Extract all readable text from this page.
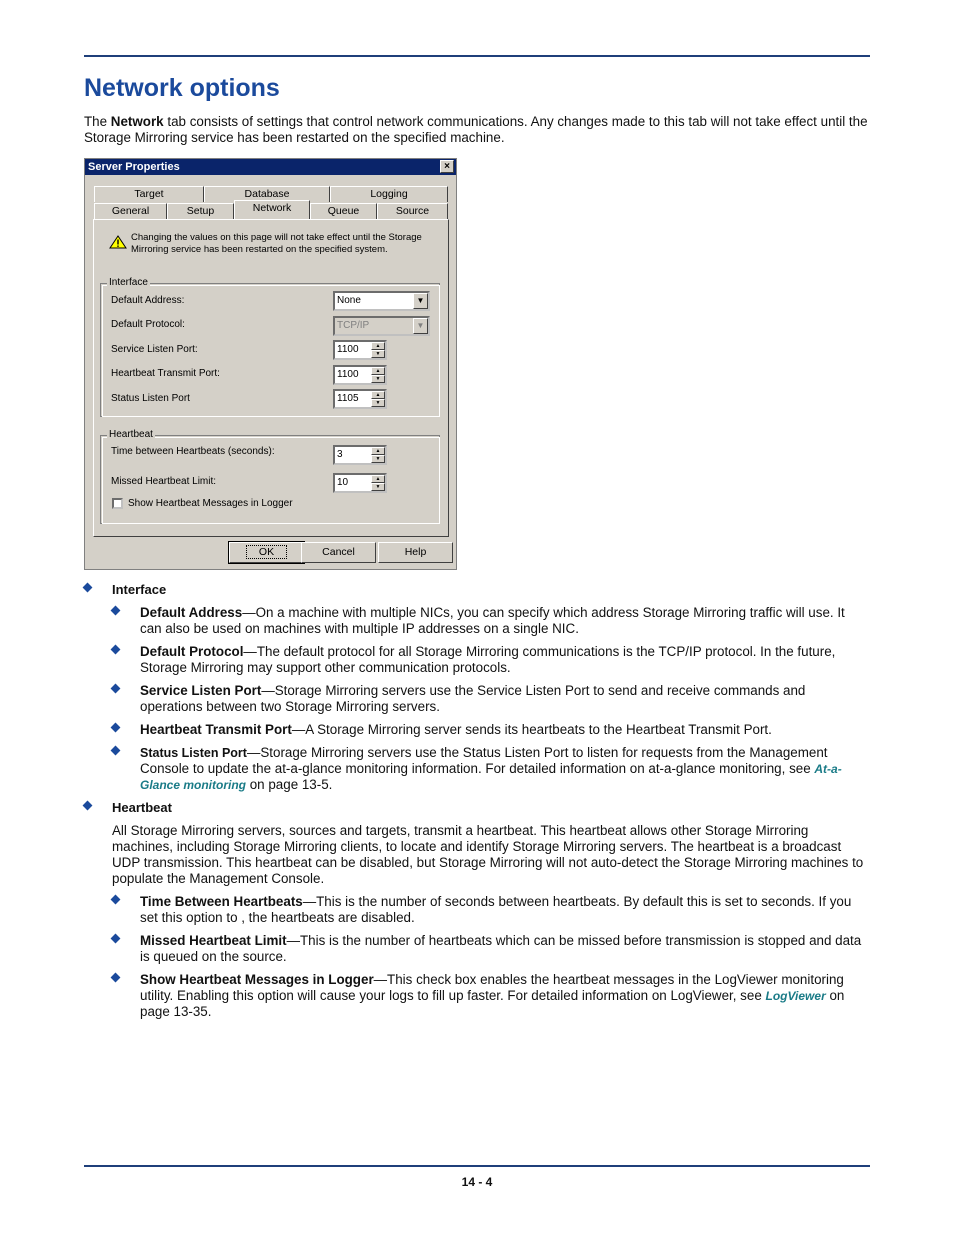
Network options

The Network tab consists of settings that control network communications. Any changes made to this tab will not take effect until the Storage Mirroring service has been restarted on the specified machine.

Server Properties	×
Target	Database	Logging
General	Setup	Network	Queue	Source
Changing the values on this page will not take effect until the Storage Mirroring service has been restarted on the specified system.
Interface
Default Address:	None	▼
Default Protocol:	TCP/IP	▼
Service Listen Port:	1100	▲
▼
Heartbeat Transmit Port:	1100	▲
▼
Status Listen Port	1105	▲
▼
Heartbeat
Time between Heartbeats (seconds):	3	▲
▼
Missed Heartbeat Limit:	10	▲
▼
Show Heartbeat Messages in Logger
OK	Cancel	Help
Interface
Default Address—On a machine with multiple NICs, you can specify which address Storage Mirroring traffic will use. It can also be used on machines with multiple IP addresses on a single NIC.
Default Protocol—The default protocol for all Storage Mirroring communications is the TCP/IP protocol. In the future, Storage Mirroring may support other communication protocols.
Service Listen Port—Storage Mirroring servers use the Service Listen Port to send and receive commands and operations between two Storage Mirroring servers.
Heartbeat Transmit Port—A Storage Mirroring server sends its heartbeats to the Heartbeat Transmit Port.
Status Listen Port—Storage Mirroring servers use the Status Listen Port to listen for requests from the Management Console to update the at-a-glance monitoring information. For detailed information on at-a-glance monitoring, see At-a-Glance monitoring on page 13-5.
Heartbeat

All Storage Mirroring servers, sources and targets, transmit a heartbeat. This heartbeat allows other Storage Mirroring machines, including Storage Mirroring clients, to locate and identify Storage Mirroring servers. The heartbeat is a broadcast UDP transmission. This heartbeat can be disabled, but Storage Mirroring will not auto-detect the Storage Mirroring machines to populate the Management Console.

Time Between Heartbeats—This is the number of seconds between heartbeats. By default this is set to seconds. If you set this option to , the heartbeats are disabled.
Missed Heartbeat Limit—This is the number of heartbeats which can be missed before transmission is stopped and data is queued on the source.
Show Heartbeat Messages in Logger—This check box enables the heartbeat messages in the LogViewer monitoring utility. Enabling this option will cause your logs to fill up faster. For detailed information on LogViewer, see LogViewer on page 13-35.
14 - 4
